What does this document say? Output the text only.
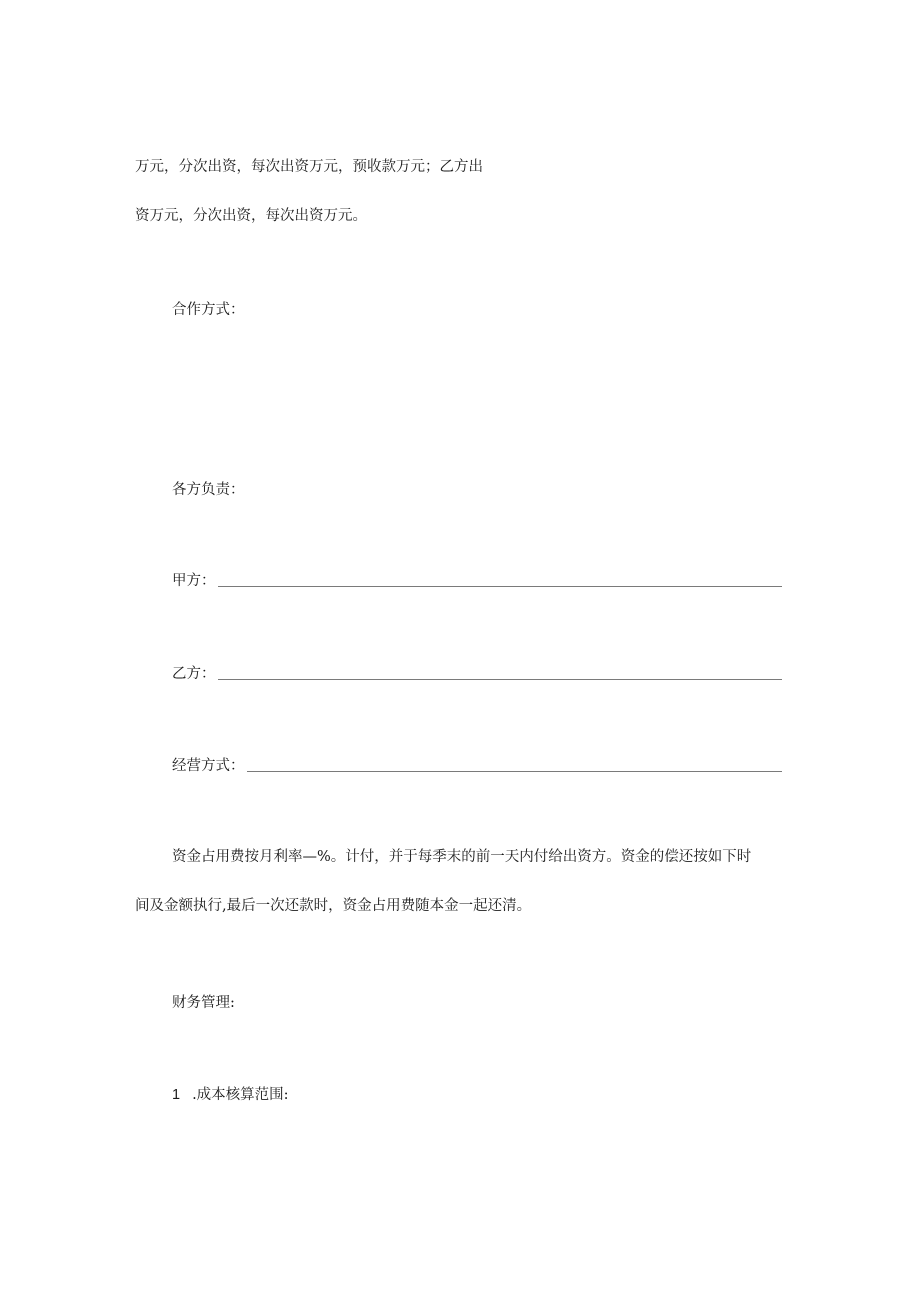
万元，分次出资，每次出资万元，预收款万元；乙方出
资万元，分次出资，每次出资万元。
合作方式：
各方负责：
甲方：
乙方：
经营方式：
资金占用费按月利率—%。计付，并于每季末的前一天内付给出资方。资金的偿还按如下时
间及金额执行,最后一次还款时，资金占用费随本金一起还清。
财务管理:
1 .成本核算范围:
